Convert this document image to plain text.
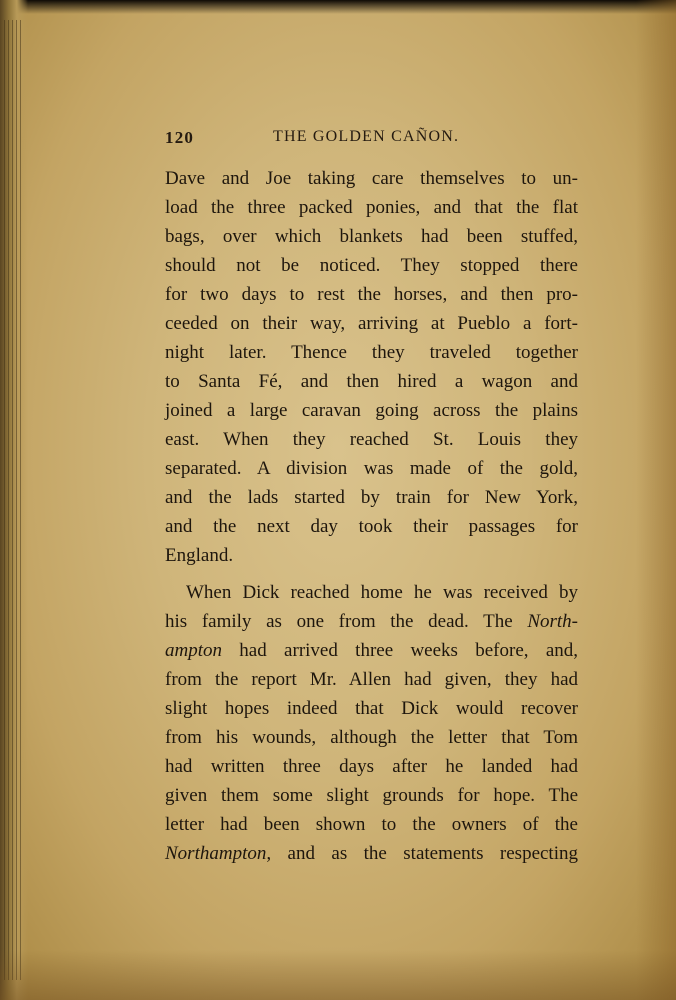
120	THE GOLDEN CAÑON.
Dave and Joe taking care themselves to un-
load the three packed ponies, and that the flat
bags, over which blankets had been stuffed,
should not be noticed. They stopped there
for two days to rest the horses, and then pro-
ceeded on their way, arriving at Pueblo a fort-
night later. Thence they traveled together
to Santa Fé, and then hired a wagon and
joined a large caravan going across the plains
east. When they reached St. Louis they
separated. A division was made of the gold,
and the lads started by train for New York,
and the next day took their passages for
England.
When Dick reached home he was received by
his family as one from the dead. The North-
ampton had arrived three weeks before, and,
from the report Mr. Allen had given, they had
slight hopes indeed that Dick would recover
from his wounds, although the letter that Tom
had written three days after he landed had
given them some slight grounds for hope. The
letter had been shown to the owners of the
Northampton, and as the statements respecting
